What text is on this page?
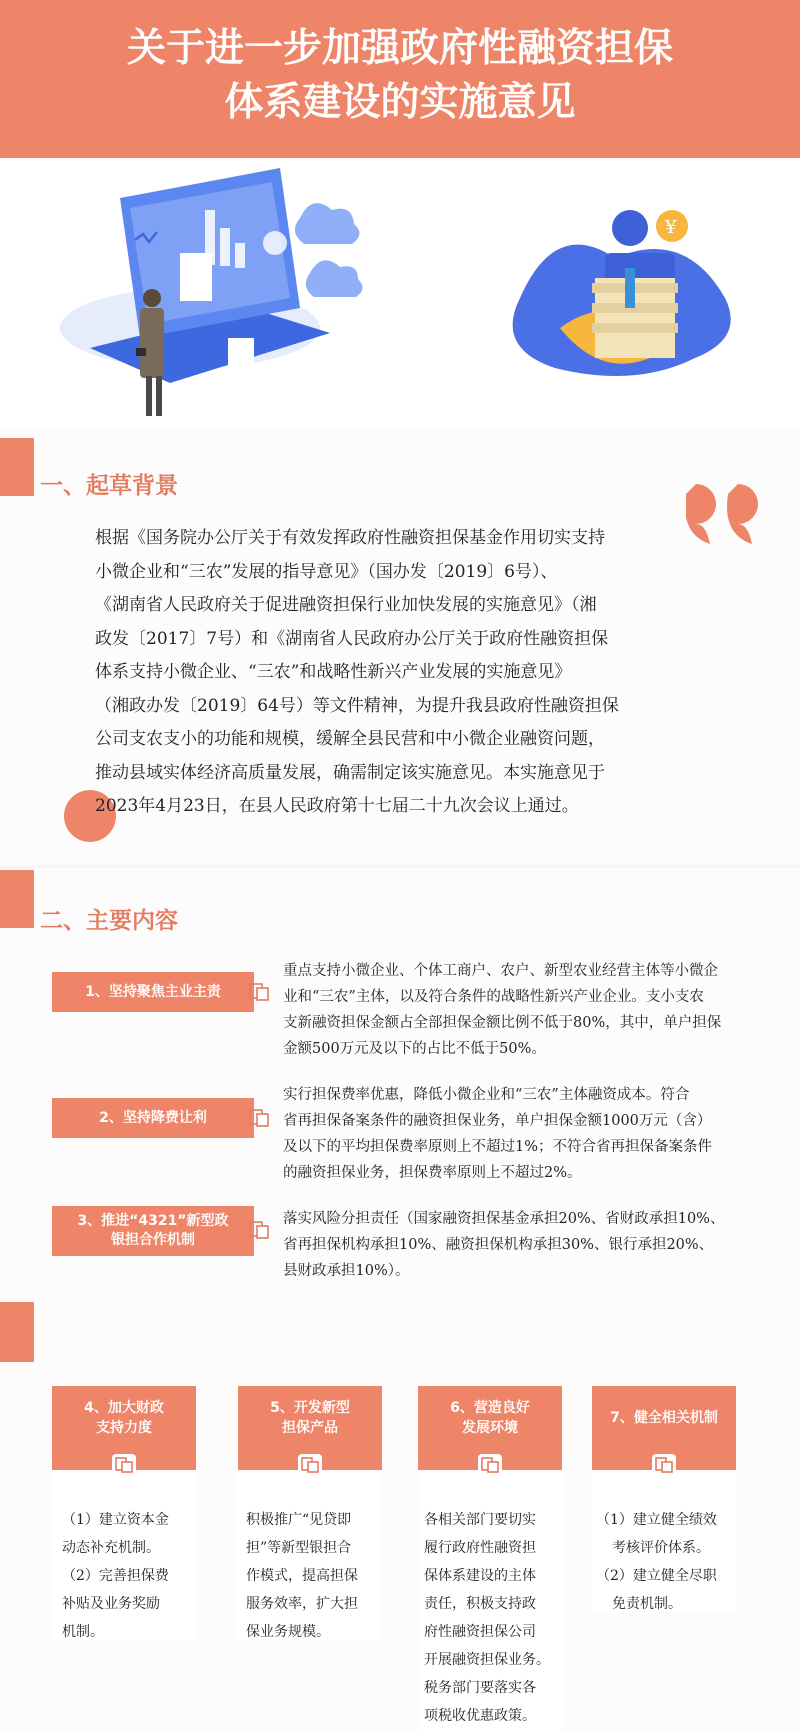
关于进一步加强政府性融资担保
体系建设的实施意见
¥
一、起草背景
根据《国务院办公厅关于有效发挥政府性融资担保基金作用切实支持
小微企业和“三农”发展的指导意见》（国办发〔2019〕6号）、
《湖南省人民政府关于促进融资担保行业加快发展的实施意见》（湘
政发〔2017〕7号）和《湖南省人民政府办公厅关于政府性融资担保
体系支持小微企业、“三农”和战略性新兴产业发展的实施意见》
（湘政办发〔2019〕64号）等文件精神，为提升我县政府性融资担保
公司支农支小的功能和规模，缓解全县民营和中小微企业融资问题，
推动县域实体经济高质量发展，确需制定该实施意见。本实施意见于
2023年4月23日，在县人民政府第十七届二十九次会议上通过。
二、主要内容
1、坚持聚焦主业主责
重点支持小微企业、个体工商户、农户、新型农业经营主体等小微企
业和“三农”主体，以及符合条件的战略性新兴产业企业。支小支农
支新融资担保金额占全部担保金额比例不低于80%，其中，单户担保
金额500万元及以下的占比不低于50%。
2、坚持降费让利
实行担保费率优惠，降低小微企业和“三农”主体融资成本。符合
省再担保备案条件的融资担保业务，单户担保金额1000万元（含）
及以下的平均担保费率原则上不超过1%；不符合省再担保备案条件
的融资担保业务，担保费率原则上不超过2%。
3、推进“4321”新型政银担合作机制
落实风险分担责任（国家融资担保基金承担20%、省财政承担10%、
省再担保机构承担10%、融资担保机构承担30%、银行承担20%、
县财政承担10%）。
4、加大财政
支持力度
（1）建立资本金
动态补充机制。
（2）完善担保费
补贴及业务奖励
机制。
5、开发新型
担保产品
积极推广“见贷即
担”等新型银担合
作模式，提高担保
服务效率，扩大担
保业务规模。
6、营造良好
发展环境
各相关部门要切实
履行政府性融资担
保体系建设的主体
责任，积极支持政
府性融资担保公司
开展融资担保业务。
税务部门要落实各
项税收优惠政策。
7、健全相关机制
（1）建立健全绩效
考核评价体系。
（2）建立健全尽职
免责机制。
